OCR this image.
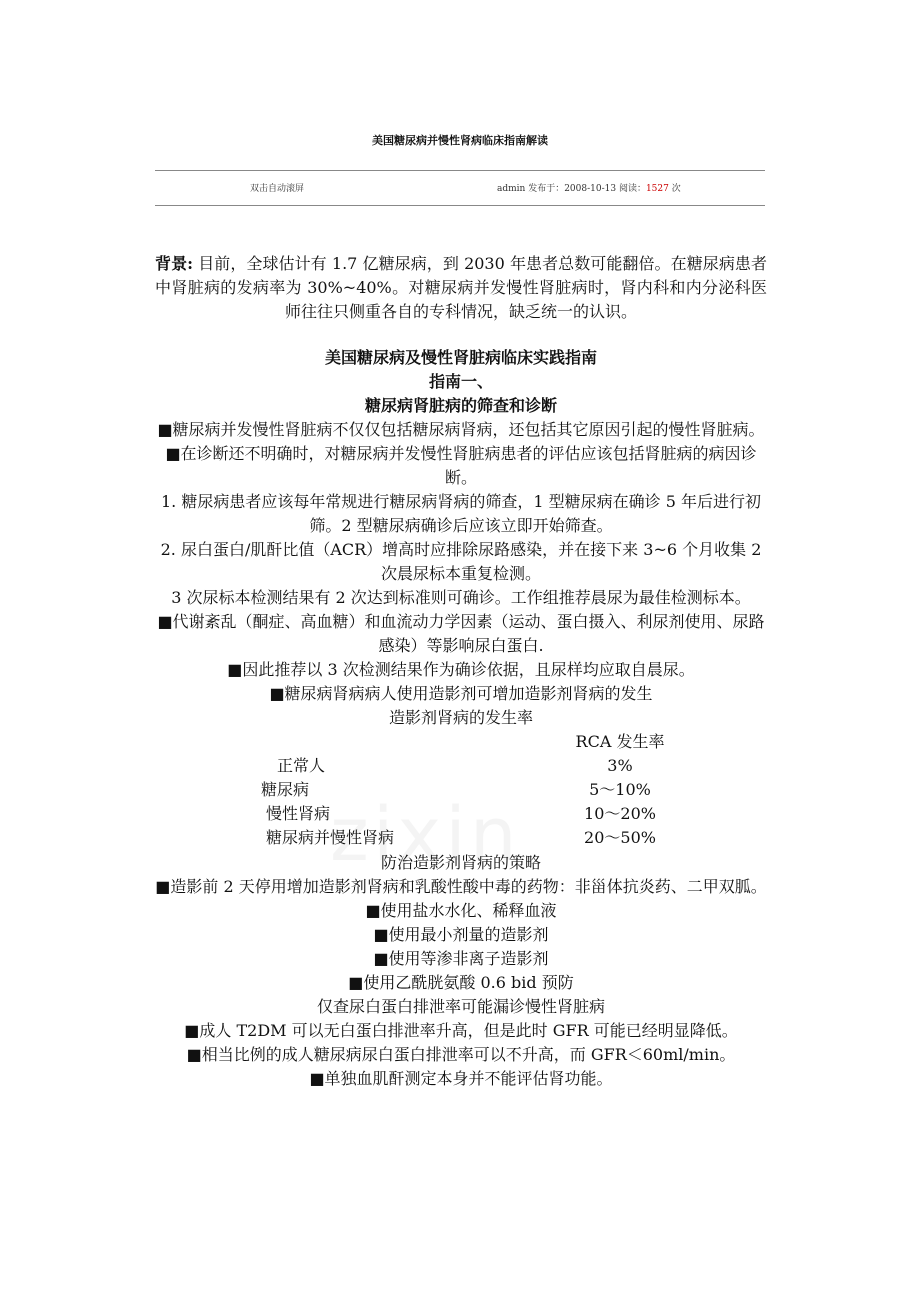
美国糖尿病并慢性肾病临床指南解读
双击自动滚屏	admin 发布于：2008-10-13 阅读：1527 次

背景: 目前，全球估计有 1.7 亿糖尿病，到 2030 年患者总数可能翻倍。在糖尿病患者中肾脏病的发病率为 30%~40%。对糖尿病并发慢性肾脏病时，肾内科和内分泌科医师往往只侧重各自的专科情况，缺乏统一的认识。

美国糖尿病及慢性肾脏病临床实践指南

指南一、

糖尿病肾脏病的筛查和诊断

■糖尿病并发慢性肾脏病不仅仅包括糖尿病肾病，还包括其它原因引起的慢性肾脏病。

■在诊断还不明确时，对糖尿病并发慢性肾脏病患者的评估应该包括肾脏病的病因诊断。

1. 糖尿病患者应该每年常规进行糖尿病肾病的筛查，1 型糖尿病在确诊 5 年后进行初筛。2 型糖尿病确诊后应该立即开始筛查。

2. 尿白蛋白/肌酐比值（ACR）增高时应排除尿路感染，并在接下来 3~6 个月收集 2 次晨尿标本重复检测。

3 次尿标本检测结果有 2 次达到标准则可确诊。工作组推荐晨尿为最佳检测标本。

■代谢紊乱（酮症、高血糖）和血流动力学因素（运动、蛋白摄入、利尿剂使用、尿路感染）等影响尿白蛋白.

■因此推荐以 3 次检测结果作为确诊依据，且尿样均应取自晨尿。

■糖尿病肾病病人使用造影剂可增加造影剂肾病的发生

造影剂肾病的发生率

RCA 发生率
正常人	3%
糖尿病	5～10%
慢性肾病	10～20%
糖尿病并慢性肾病	20～50%

防治造影剂肾病的策略

■造影前 2 天停用增加造影剂肾病和乳酸性酸中毒的药物：非甾体抗炎药、二甲双胍。

■使用盐水水化、稀释血液

■使用最小剂量的造影剂

■使用等渗非离子造影剂

■使用乙酰胱氨酸 0.6 bid 预防

仅查尿白蛋白排泄率可能漏诊慢性肾脏病

■成人 T2DM 可以无白蛋白排泄率升高，但是此时 GFR 可能已经明显降低。

■相当比例的成人糖尿病尿白蛋白排泄率可以不升高，而 GFR＜60ml/min。

■单独血肌酐测定本身并不能评估肾功能。
